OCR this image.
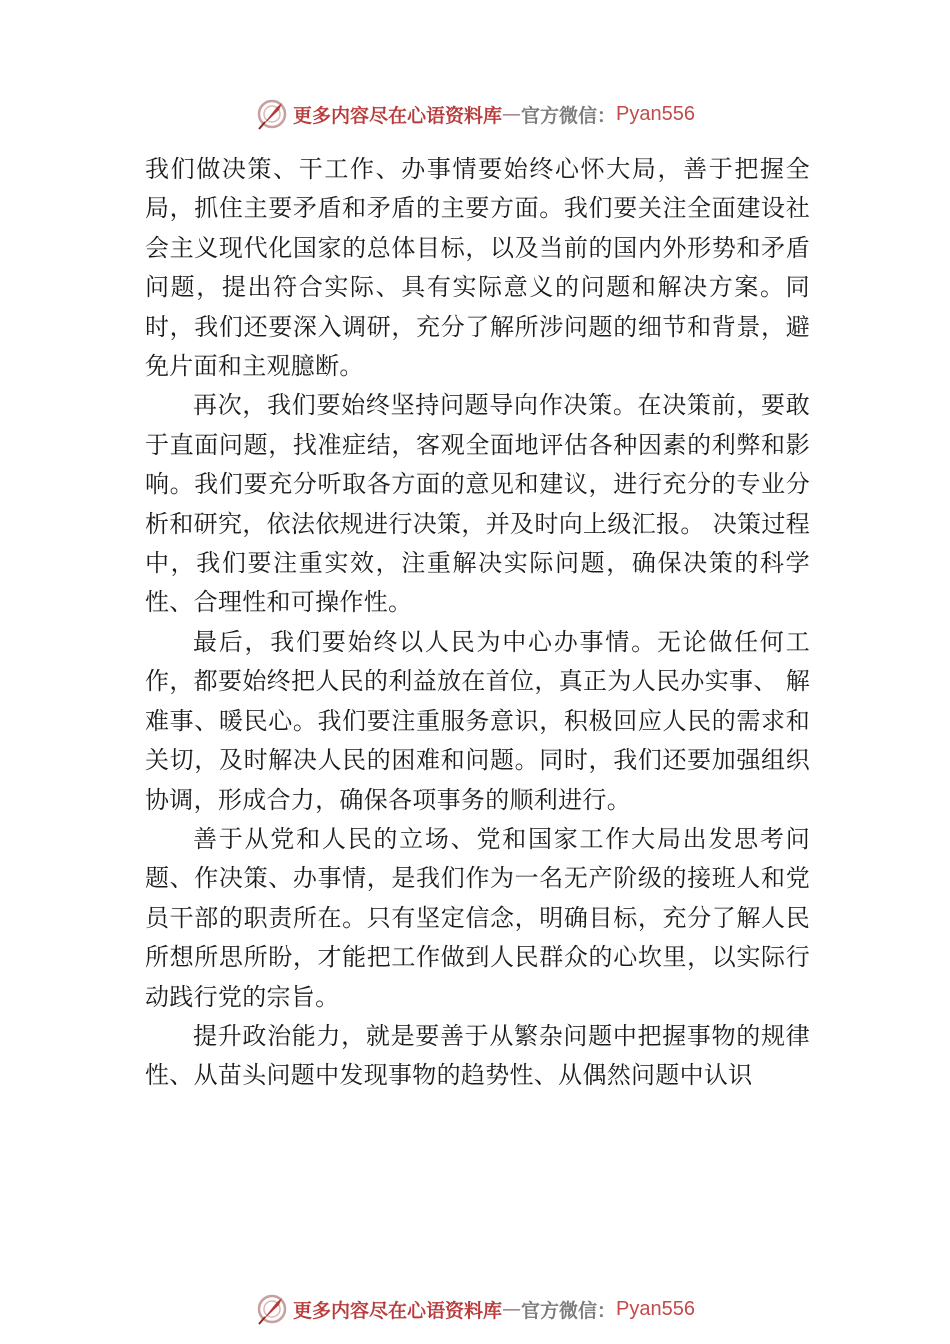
更多内容尽在心语资料库 — 官方微信： Pyan556

我们做决策、干工作、办事情要始终心怀大局，善于把握全局，抓住主要矛盾和矛盾的主要方面。我们要关注全面建设社会主义现代化国家的总体目标，以及当前的国内外形势和矛盾问题，提出符合实际、具有实际意义的问题和解决方案。同时，我们还要深入调研，充分了解所涉问题的细节和背景，避免片面和主观臆断。

再次，我们要始终坚持问题导向作决策。在决策前，要敢于直面问题，找准症结，客观全面地评估各种因素的利弊和影响。我们要充分听取各方面的意见和建议，进行充分的专业分析和研究，依法依规进行决策，并及时向上级汇报。 决策过程中，我们要注重实效，注重解决实际问题，确保决策的科学性、合理性和可操作性。

最后，我们要始终以人民为中心办事情。无论做任何工作，都要始终把人民的利益放在首位，真正为人民办实事、 解难事、暖民心。我们要注重服务意识，积极回应人民的需求和关切，及时解决人民的困难和问题。同时，我们还要加强组织协调，形成合力，确保各项事务的顺利进行。

善于从党和人民的立场、党和国家工作大局出发思考问题、作决策、办事情，是我们作为一名无产阶级的接班人和党员干部的职责所在。只有坚定信念，明确目标，充分了解人民所想所思所盼，才能把工作做到人民群众的心坎里，以实际行动践行党的宗旨。

提升政治能力，就是要善于从繁杂问题中把握事物的规律性、从苗头问题中发现事物的趋势性、从偶然问题中认识

更多内容尽在心语资料库 — 官方微信： Pyan556
